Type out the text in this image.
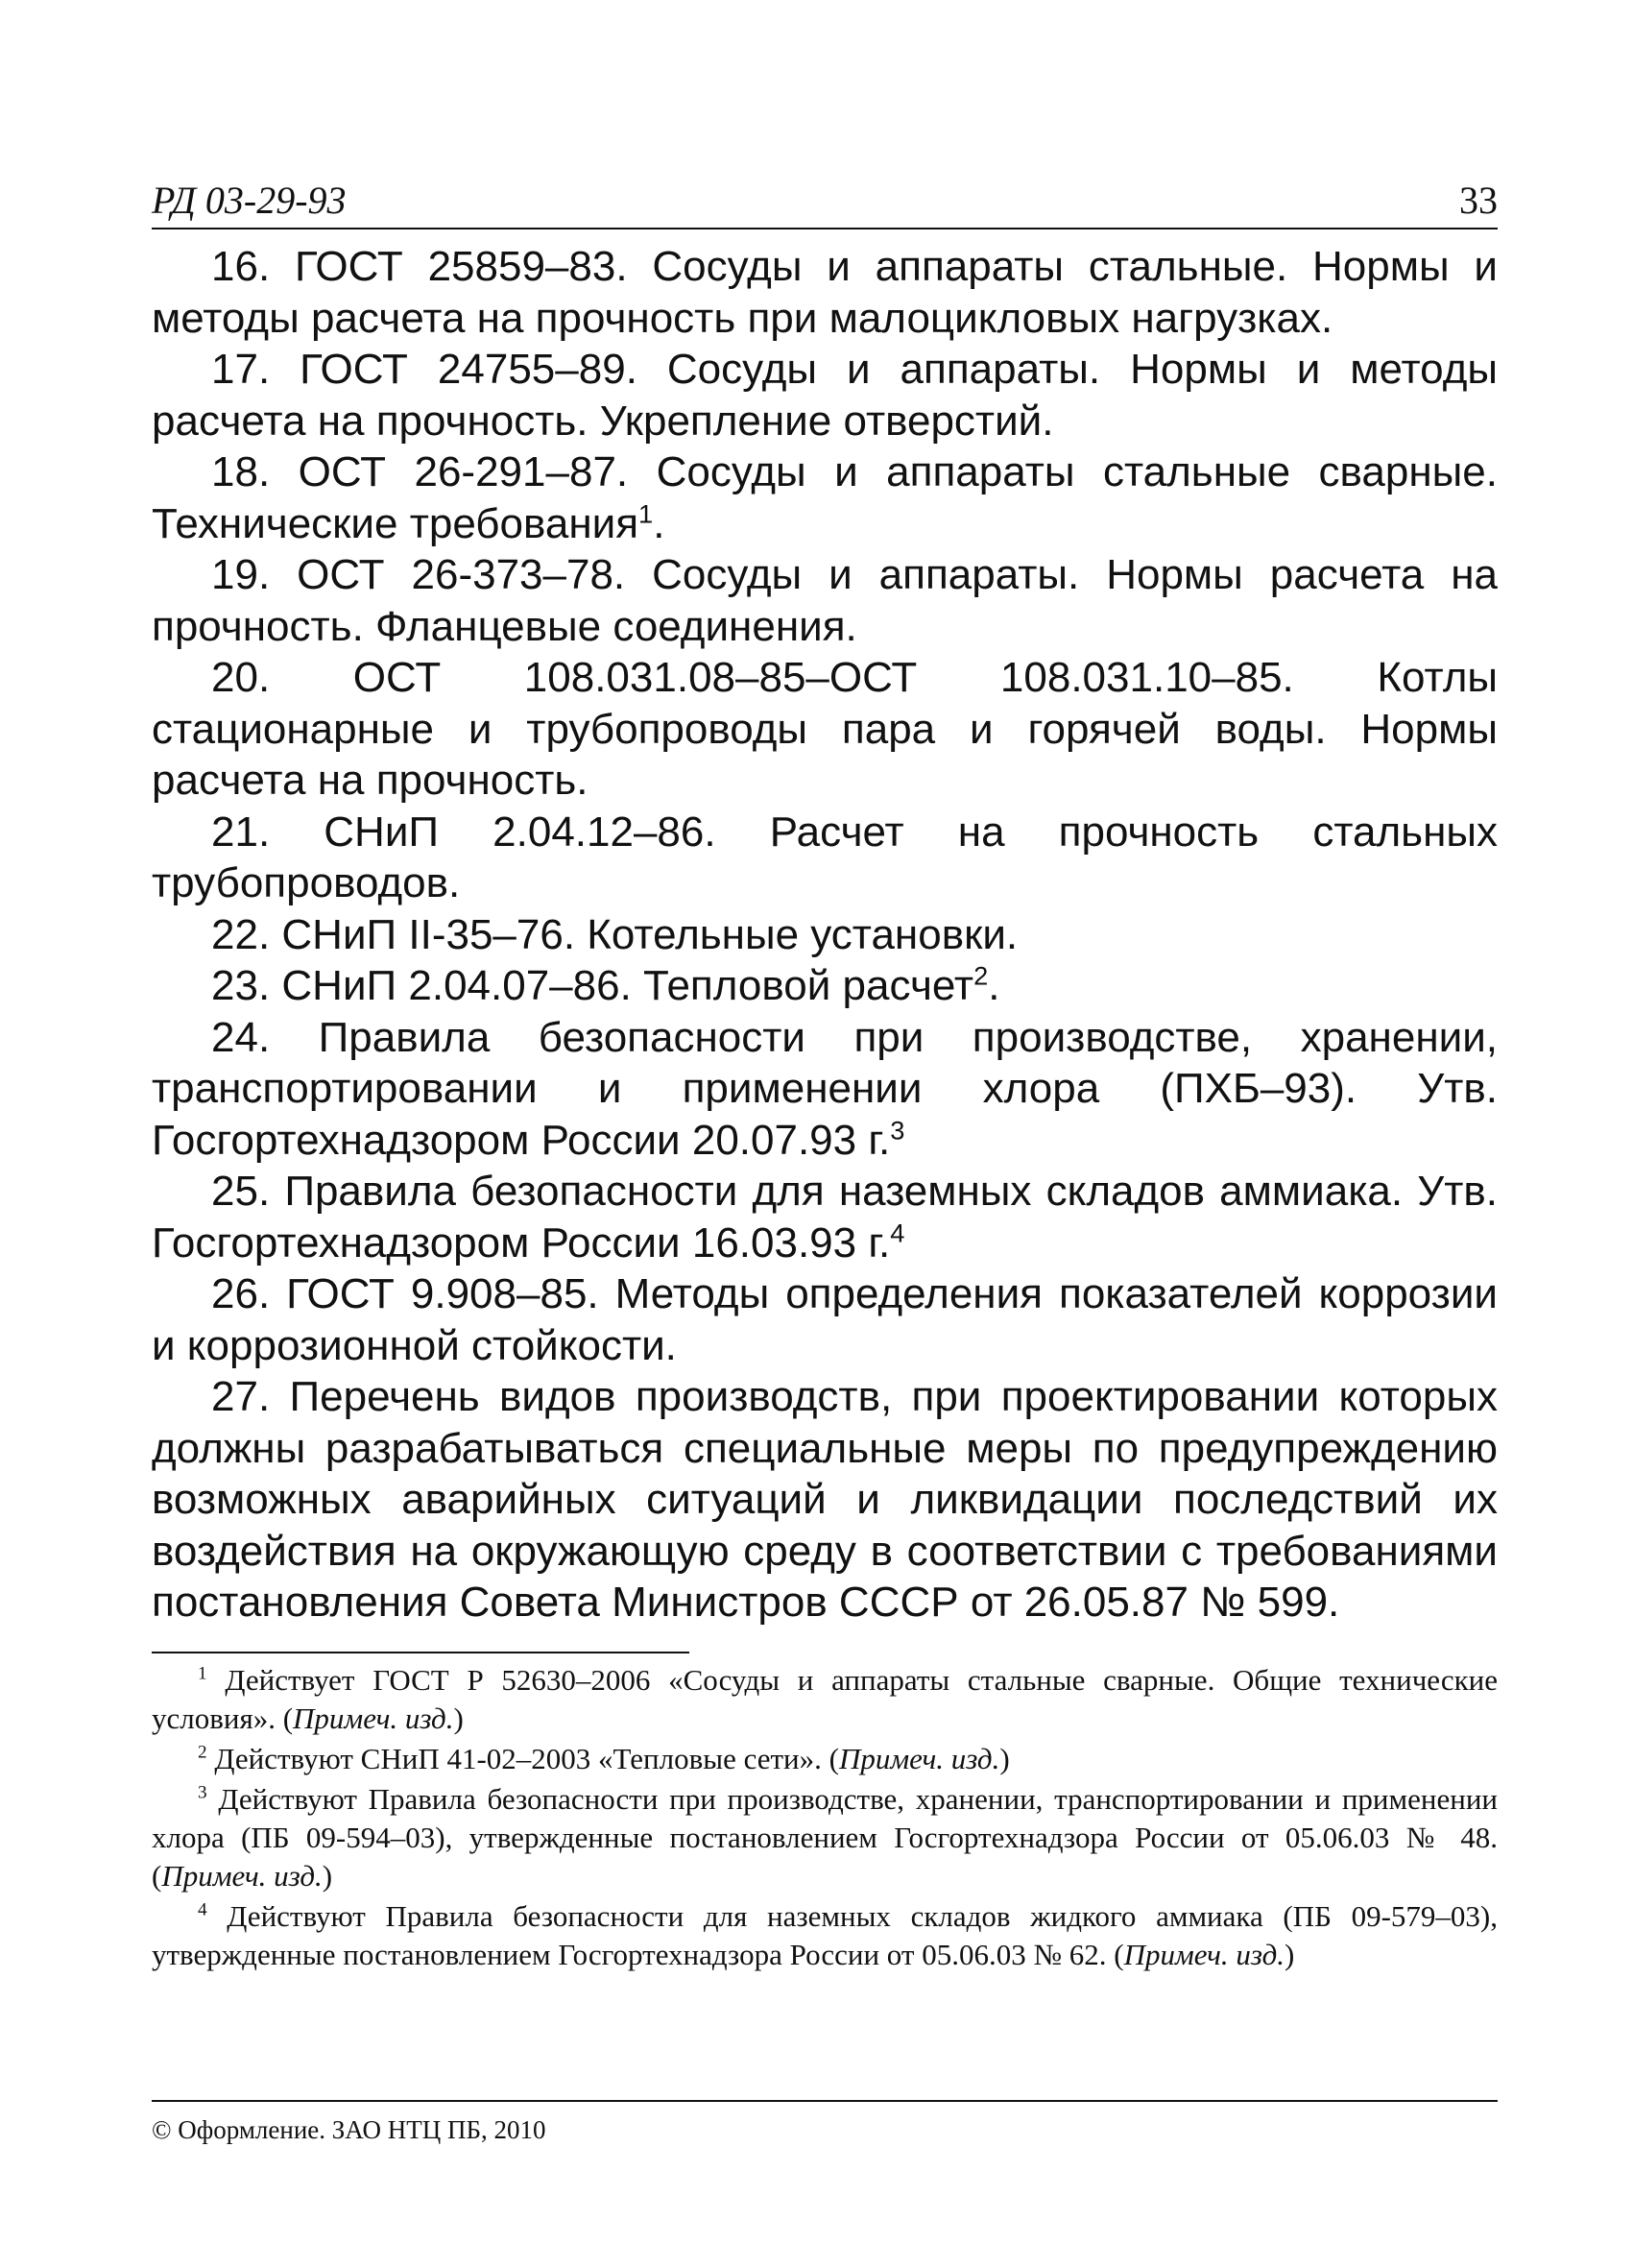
РД 03-29-93	33

16. ГОСТ 25859–83. Сосуды и аппараты стальные. Нормы и методы расчета на прочность при малоцикловых нагрузках.

17. ГОСТ 24755–89. Сосуды и аппараты. Нормы и методы расчета на прочность. Укрепление отверстий.

18. ОСТ 26-291–87. Сосуды и аппараты стальные сварные. Технические требования$^1$.

19. ОСТ 26-373–78. Сосуды и аппараты. Нормы расчета на прочность. Фланцевые соединения.

20. ОСТ 108.031.08–85–ОСТ 108.031.10–85. Котлы стационарные и трубопроводы пара и горячей воды. Нормы расчета на прочность.

21. СНиП 2.04.12–86. Расчет на прочность стальных трубопроводов.

22. СНиП II-35–76. Котельные установки.

23. СНиП 2.04.07–86. Тепловой расчет$^2$.

24. Правила безопасности при производстве, хранении, транспортировании и применении хлора (ПХБ–93). Утв. Госгортехнадзором России 20.07.93 г.$^3$

25. Правила безопасности для наземных складов аммиака. Утв. Госгортехнадзором России 16.03.93 г.$^4$

26. ГОСТ 9.908–85. Методы определения показателей коррозии и коррозионной стойкости.

27. Перечень видов производств, при проектировании которых должны разрабатываться специальные меры по предупреждению возможных аварийных ситуаций и ликвидации последствий их воздействия на окружающую среду в соответствии с требованиями постановления Совета Министров СССР от 26.05.87 № 599.

$^1$ Действует ГОСТ Р 52630–2006 «Сосуды и аппараты стальные сварные. Общие технические условия». (Примеч. изд.)

$^2$ Действуют СНиП 41-02–2003 «Тепловые сети». (Примеч. изд.)

$^3$ Действуют Правила безопасности при производстве, хранении, транспортировании и применении хлора (ПБ 09-594–03), утвержденные постановлением Госгортехнадзора России от 05.06.03 № 48. (Примеч. изд.)

$^4$ Действуют Правила безопасности для наземных складов жидкого аммиака (ПБ 09-579–03), утвержденные постановлением Госгортехнадзора России от 05.06.03 № 62. (Примеч. изд.)

© Оформление. ЗАО НТЦ ПБ, 2010
